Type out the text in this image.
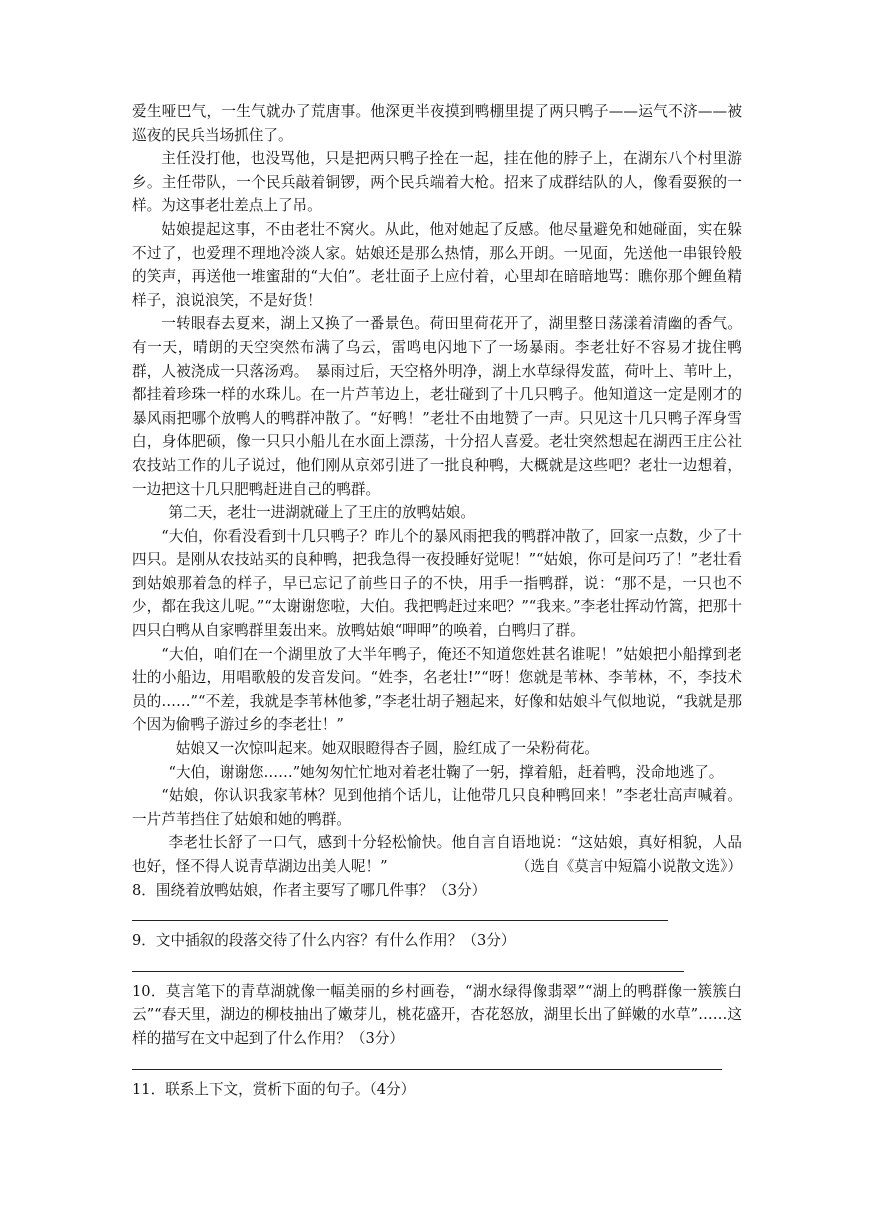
爱生哑巴气，一生气就办了荒唐事。他深更半夜摸到鸭棚里提了两只鸭子——运气不济——被巡夜的民兵当场抓住了。

主任没打他，也没骂他，只是把两只鸭子拴在一起，挂在他的脖子上，在湖东八个村里游乡。主任带队，一个民兵敲着铜锣，两个民兵端着大枪。招来了成群结队的人，像看耍猴的一样。为这事老壮差点上了吊。

姑娘提起这事，不由老壮不窝火。从此，他对她起了反感。他尽量避免和她碰面，实在躲不过了，也爱理不理地冷淡人家。姑娘还是那么热情，那么开朗。一见面，先送他一串银铃般的笑声，再送他一堆蜜甜的“大伯”。老壮面子上应付着，心里却在暗暗地骂：瞧你那个鲤鱼精样子，浪说浪笑，不是好货！

一转眼春去夏来，湖上又换了一番景色。荷田里荷花开了，湖里整日荡漾着清幽的香气。有一天，晴朗的天空突然布满了乌云，雷鸣电闪地下了一场暴雨。李老壮好不容易才拢住鸭群，人被浇成一只落汤鸡。　暴雨过后，天空格外明净，湖上水草绿得发蓝，荷叶上、苇叶上，都挂着珍珠一样的水珠儿。在一片芦苇边上，老壮碰到了十几只鸭子。他知道这一定是刚才的暴风雨把哪个放鸭人的鸭群冲散了。“好鸭！”老壮不由地赞了一声。只见这十几只鸭子浑身雪白，身体肥硕，像一只只小船儿在水面上漂荡，十分招人喜爱。老壮突然想起在湖西王庄公社农技站工作的儿子说过，他们刚从京郊引进了一批良种鸭，大概就是这些吧？老壮一边想着，一边把这十几只肥鸭赶进自己的鸭群。

第二天，老壮一进湖就碰上了王庄的放鸭姑娘。

“大伯，你看没看到十几只鸭子？昨儿个的暴风雨把我的鸭群冲散了，回家一点数，少了十四只。是刚从农技站买的良种鸭，把我急得一夜投睡好觉呢！”“姑娘，你可是问巧了！”老壮看到姑娘那着急的样子，早已忘记了前些日子的不快，用手一指鸭群，说：“那不是，一只也不少，都在我这儿呢。”“太谢谢您啦，大伯。我把鸭赶过来吧？”“我来。”李老壮挥动竹篙，把那十四只白鸭从自家鸭群里轰出来。放鸭姑娘“呷呷”的唤着，白鸭归了群。

“大伯，咱们在一个湖里放了大半年鸭子，俺还不知道您姓甚名谁呢！”姑娘把小船撑到老壮的小船边，用唱歌般的发音发问。“姓李，名老壮!”“呀！您就是苇林、李苇林，不，李技术员的……”“不差，我就是李苇林他爹，”李老壮胡子翘起来，好像和姑娘斗气似地说，“我就是那个因为偷鸭子游过乡的李老壮！”

姑娘又一次惊叫起来。她双眼瞪得杏子圆，脸红成了一朵粉荷花。

“大伯，谢谢您……”她匆匆忙忙地对着老壮鞠了一躬，撑着船，赶着鸭，没命地逃了。

“姑娘，你认识我家苇林？见到他捎个话儿，让他带几只良种鸭回来！”李老壮高声喊着。 一片芦苇挡住了姑娘和她的鸭群。

李老壮长舒了一口气，感到十分轻松愉快。他自言自语地说：“这姑娘，真好相貌，人品也好，怪不得人说青草湖边出美人呢！”	（选自《莫言中短篇小说散文选》）

8．围绕着放鸭姑娘，作者主要写了哪几件事？（3分）

9．文中插叙的段落交待了什么内容？有什么作用？（3分）

10．莫言笔下的青草湖就像一幅美丽的乡村画卷，“湖水绿得像翡翠”“湖上的鸭群像一簇簇白云”“春天里，湖边的柳枝抽出了嫩芽儿，桃花盛开，杏花怒放，湖里长出了鲜嫩的水草”……这样的描写在文中起到了什么作用？（3分）

11．联系上下文，赏析下面的句子。（4分）
